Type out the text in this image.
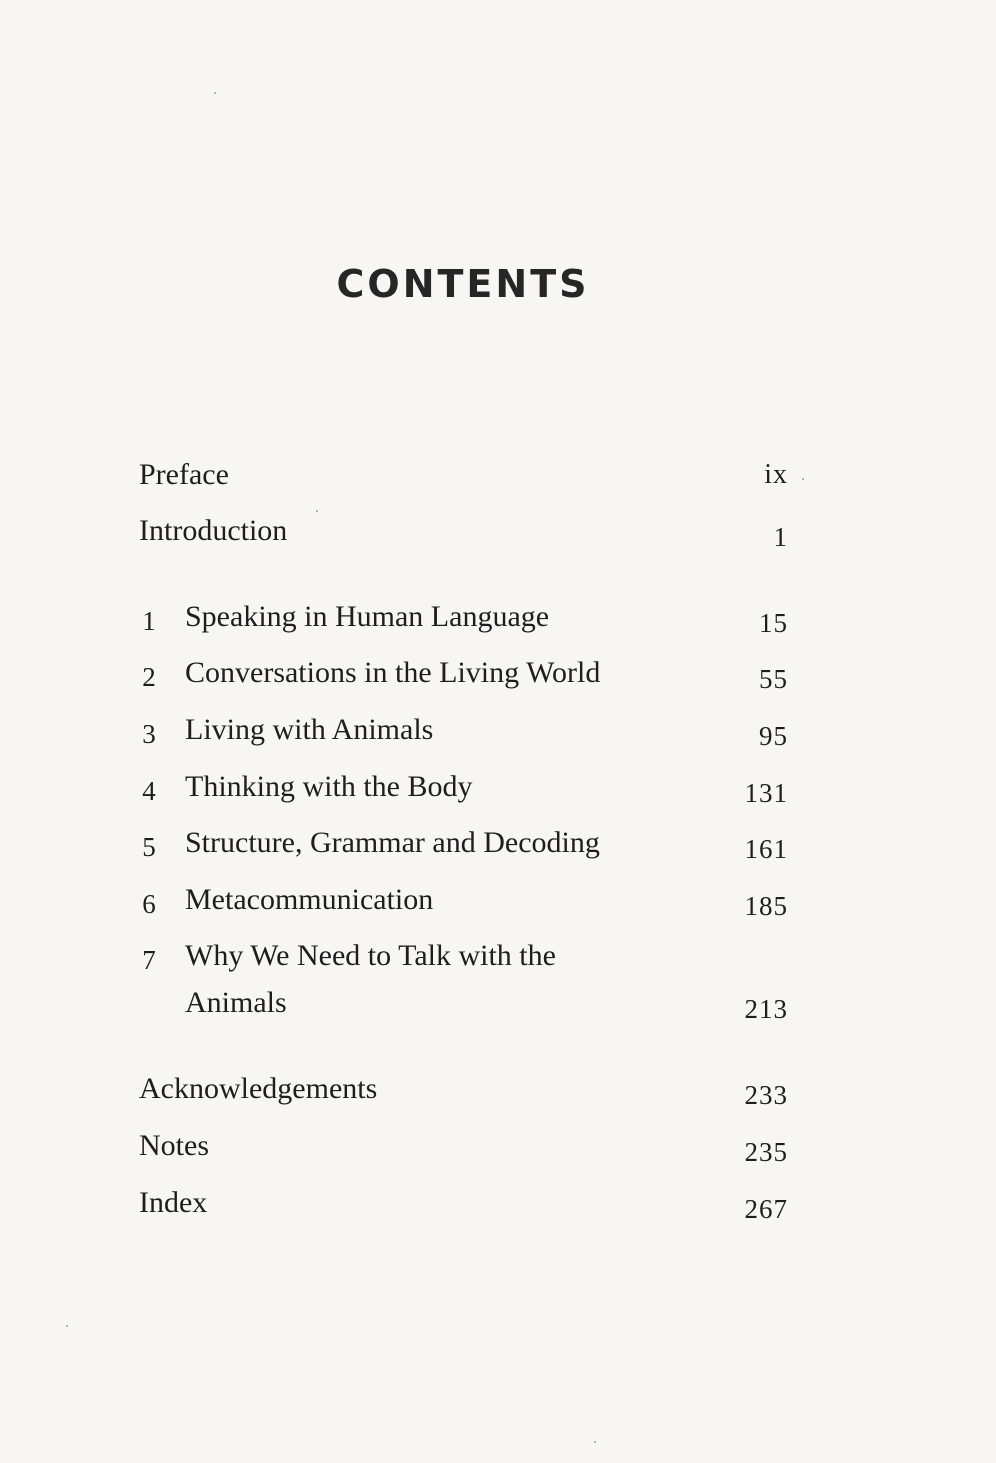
CONTENTS
Preface	ix
Introduction	1
1 Speaking in Human Language	15
2 Conversations in the Living World	55
3 Living with Animals	95
4 Thinking with the Body	131
5 Structure, Grammar and Decoding	161
6 Metacommunication	185
7 Why We Need to Talk with the
Animals	213
Acknowledgements	233
Notes	235
Index	267
